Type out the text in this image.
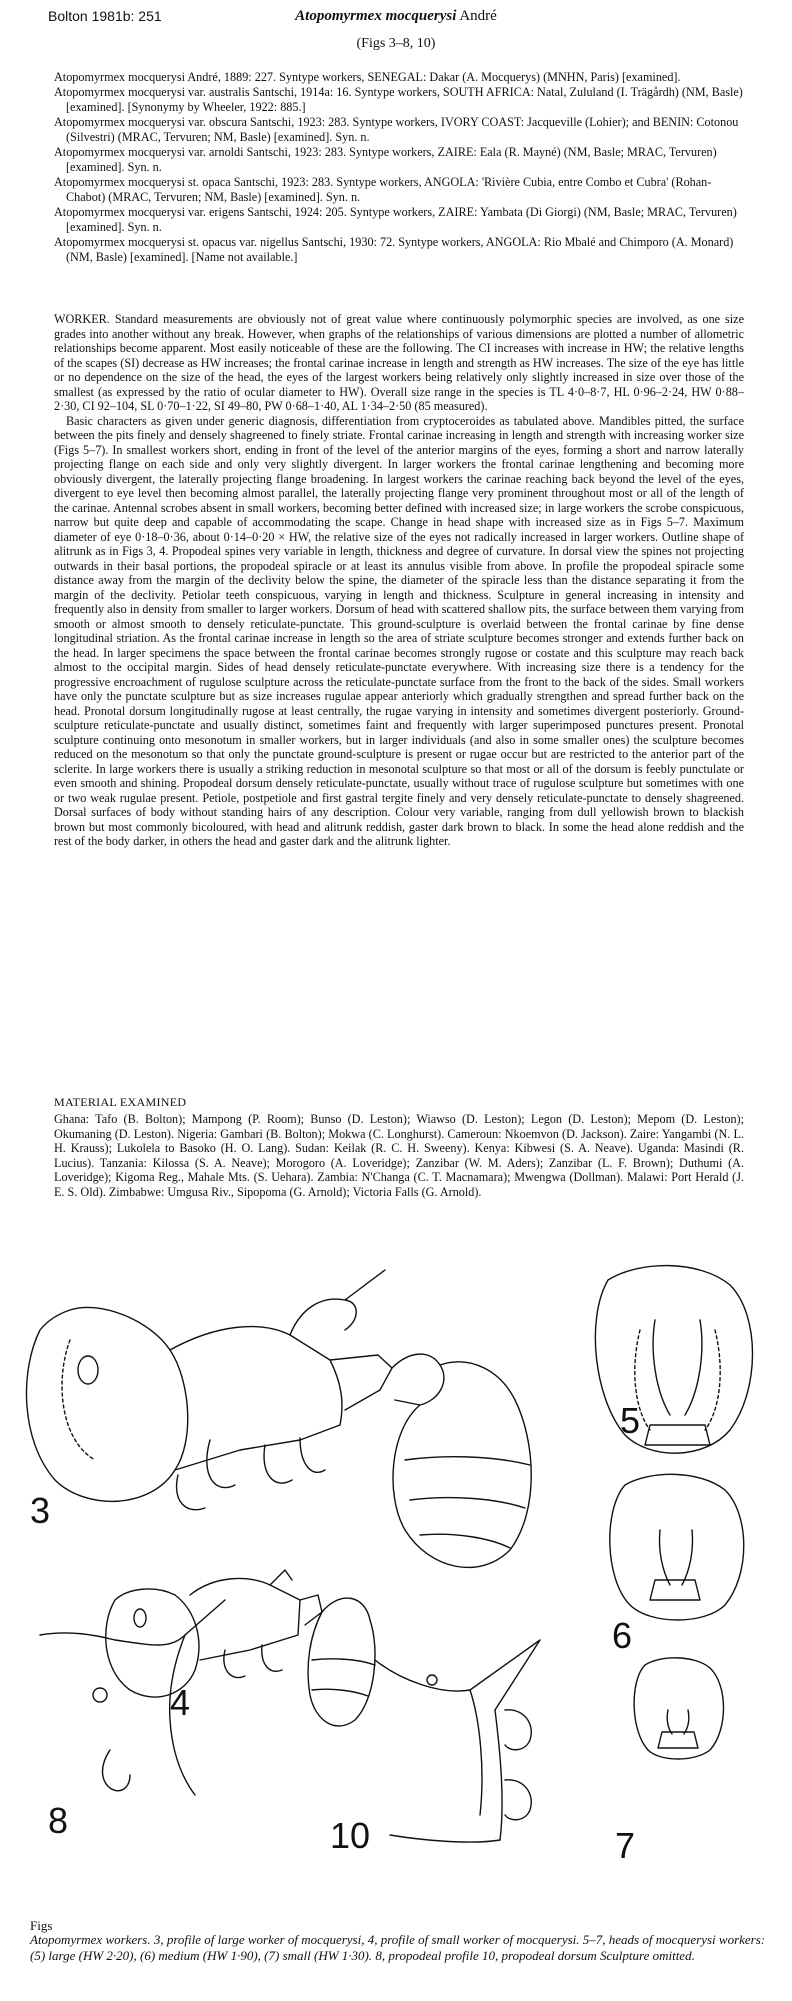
Bolton 1981b: 251	Atopomyrmex mocquerysi André
(Figs 3–8, 10)

Atopomyrmex mocquerysi André, 1889: 227. Syntype workers, SENEGAL: Dakar (A. Mocquerys) (MNHN, Paris) [examined].

Atopomyrmex mocquerysi var. australis Santschi, 1914a: 16. Syntype workers, SOUTH AFRICA: Natal, Zululand (I. Trägårdh) (NM, Basle) [examined]. [Synonymy by Wheeler, 1922: 885.]

Atopomyrmex mocquerysi var. obscura Santschi, 1923: 283. Syntype workers, IVORY COAST: Jacqueville (Lohier); and BENIN: Cotonou (Silvestri) (MRAC, Tervuren; NM, Basle) [examined]. Syn. n.

Atopomyrmex mocquerysi var. arnoldi Santschi, 1923: 283. Syntype workers, ZAIRE: Eala (R. Mayné) (NM, Basle; MRAC, Tervuren) [examined]. Syn. n.

Atopomyrmex mocquerysi st. opaca Santschi, 1923: 283. Syntype workers, ANGOLA: 'Rivière Cubia, entre Combo et Cubra' (Rohan-Chabot) (MRAC, Tervuren; NM, Basle) [examined]. Syn. n.

Atopomyrmex mocquerysi var. erigens Santschi, 1924: 205. Syntype workers, ZAIRE: Yambata (Di Giorgi) (NM, Basle; MRAC, Tervuren) [examined]. Syn. n.

Atopomyrmex mocquerysi st. opacus var. nigellus Santschi, 1930: 72. Syntype workers, ANGOLA: Rio Mbalé and Chimporo (A. Monard) (NM, Basle) [examined]. [Name not available.]

WORKER. Standard measurements are obviously not of great value where continuously polymorphic species are involved, as one size grades into another without any break. However, when graphs of the relationships of various dimensions are plotted a number of allometric relationships become apparent. Most easily noticeable of these are the following. The CI increases with increase in HW; the relative lengths of the scapes (SI) decrease as HW increases; the frontal carinae increase in length and strength as HW increases. The size of the eye has little or no dependence on the size of the head, the eyes of the largest workers being relatively only slightly increased in size over those of the smallest (as expressed by the ratio of ocular diameter to HW). Overall size range in the species is TL 4·0–8·7, HL 0·96–2·24, HW 0·88–2·30, CI 92–104, SL 0·70–1·22, SI 49–80, PW 0·68–1·40, AL 1·34–2·50 (85 measured).

Basic characters as given under generic diagnosis, differentiation from cryptoceroides as tabulated above. Mandibles pitted, the surface between the pits finely and densely shagreened to finely striate. Frontal carinae increasing in length and strength with increasing worker size (Figs 5–7). In smallest workers short, ending in front of the level of the anterior margins of the eyes, forming a short and narrow laterally projecting flange on each side and only very slightly divergent. In larger workers the frontal carinae lengthening and becoming more obviously divergent, the laterally projecting flange broadening. In largest workers the carinae reaching back beyond the level of the eyes, divergent to eye level then becoming almost parallel, the laterally projecting flange very prominent throughout most or all of the length of the carinae. Antennal scrobes absent in small workers, becoming better defined with increased size; in large workers the scrobe conspicuous, narrow but quite deep and capable of accommodating the scape. Change in head shape with increased size as in Figs 5–7. Maximum diameter of eye 0·18–0·36, about 0·14–0·20 × HW, the relative size of the eyes not radically increased in larger workers. Outline shape of alitrunk as in Figs 3, 4. Propodeal spines very variable in length, thickness and degree of curvature. In dorsal view the spines not projecting outwards in their basal portions, the propodeal spiracle or at least its annulus visible from above. In profile the propodeal spiracle some distance away from the margin of the declivity below the spine, the diameter of the spiracle less than the distance separating it from the margin of the declivity. Petiolar teeth conspicuous, varying in length and thickness. Sculpture in general increasing in intensity and frequently also in density from smaller to larger workers. Dorsum of head with scattered shallow pits, the surface between them varying from smooth or almost smooth to densely reticulate-punctate. This ground-sculpture is overlaid between the frontal carinae by fine dense longitudinal striation. As the frontal carinae increase in length so the area of striate sculpture becomes stronger and extends further back on the head. In larger specimens the space between the frontal carinae becomes strongly rugose or costate and this sculpture may reach back almost to the occipital margin. Sides of head densely reticulate-punctate everywhere. With increasing size there is a tendency for the progressive encroachment of rugulose sculpture across the reticulate-punctate surface from the front to the back of the sides. Small workers have only the punctate sculpture but as size increases rugulae appear anteriorly which gradually strengthen and spread further back on the head. Pronotal dorsum longitudinally rugose at least centrally, the rugae varying in intensity and sometimes divergent posteriorly. Ground-sculpture reticulate-punctate and usually distinct, sometimes faint and frequently with larger superimposed punctures present. Pronotal sculpture continuing onto mesonotum in smaller workers, but in larger individuals (and also in some smaller ones) the sculpture becomes reduced on the mesonotum so that only the punctate ground-sculpture is present or rugae occur but are restricted to the anterior part of the sclerite. In large workers there is usually a striking reduction in mesonotal sculpture so that most or all of the dorsum is feebly punctulate or even smooth and shining. Propodeal dorsum densely reticulate-punctate, usually without trace of rugulose sculpture but sometimes with one or two weak rugulae present. Petiole, postpetiole and first gastral tergite finely and very densely reticulate-punctate to densely shagreened. Dorsal surfaces of body without standing hairs of any description. Colour very variable, ranging from dull yellowish brown to blackish brown but most commonly bicoloured, with head and alitrunk reddish, gaster dark brown to black. In some the head alone reddish and the rest of the body darker, in others the head and gaster dark and the alitrunk lighter.

MATERIAL EXAMINED
Ghana: Tafo (B. Bolton); Mampong (P. Room); Bunso (D. Leston); Wiawso (D. Leston); Legon (D. Leston); Mepom (D. Leston); Okumaning (D. Leston). Nigeria: Gambari (B. Bolton); Mokwa (C. Longhurst). Cameroun: Nkoemvon (D. Jackson). Zaire: Yangambi (N. L. H. Krauss); Lukolela to Basoko (H. O. Lang). Sudan: Keilak (R. C. H. Sweeny). Kenya: Kibwesi (S. A. Neave). Uganda: Masindi (R. Lucius). Tanzania: Kilossa (S. A. Neave); Morogoro (A. Loveridge); Zanzibar (W. M. Aders); Zanzibar (L. F. Brown); Duthumi (A. Loveridge); Kigoma Reg., Mahale Mts. (S. Uehara). Zambia: N'Changa (C. T. Macnamara); Mwengwa (Dollman). Malawi: Port Herald (J. E. S. Old). Zimbabwe: Umgusa Riv., Sipopoma (G. Arnold); Victoria Falls (G. Arnold).
3
4
5
6
7
8	10
Figs
Atopomyrmex workers. 3, profile of large worker of mocquerysi, 4, profile of small worker of mocquerysi. 5–7, heads of mocquerysi workers: (5) large (HW 2·20), (6) medium (HW 1·90), (7) small (HW 1·30). 8, propodeal profile 10, propodeal dorsum Sculpture omitted.
